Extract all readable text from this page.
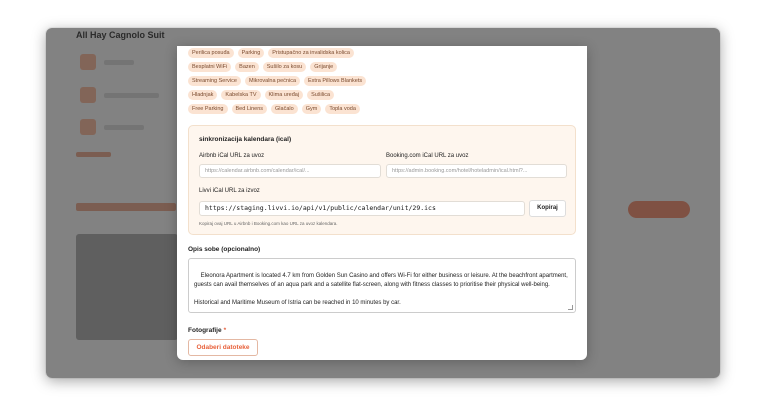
Perilica posuđa	Parking	Pristupačno za invalidska kolica
Besplatni WiFi	Bazen	Sušilo za kosu	Grijanje
Streaming Service	Mikrovalna pećnica	Extra Pillows Blankets
Hladnjak	Kabelska TV	Klima uređaj	Sušilica
Free Parking	Bed Linens	Glačalo	Gym	Topla voda
sinkronizacija kalendara (ical)
Airbnb iCal URL za uvoz
https://calendar.airbnb.com/calendar/ical/...
Booking.com iCal URL za uvoz
https://admin.booking.com/hotel/hoteladmin/ical.html?...
Livvi iCal URL za izvoz
https://staging.livvi.io/api/v1/public/calendar/unit/29.ics	Kopiraj
Kopiraj ovaj URL u Airbnb i Booking.com kao URL za uvoz kalendara.
Opis sobe (opcionalno)

Eleonora Apartment is located 4.7 km from Golden Sun Casino and offers Wi-Fi for either business or leisure. At the beachfront apartment, guests can avail themselves of an aqua park and a satellite flat-screen, along with fitness classes to prioritise their physical well-being.

Historical and Maritime Museum of Istria can be reached in 10 minutes by car.

Fotografije *
Odaberi datoteke
